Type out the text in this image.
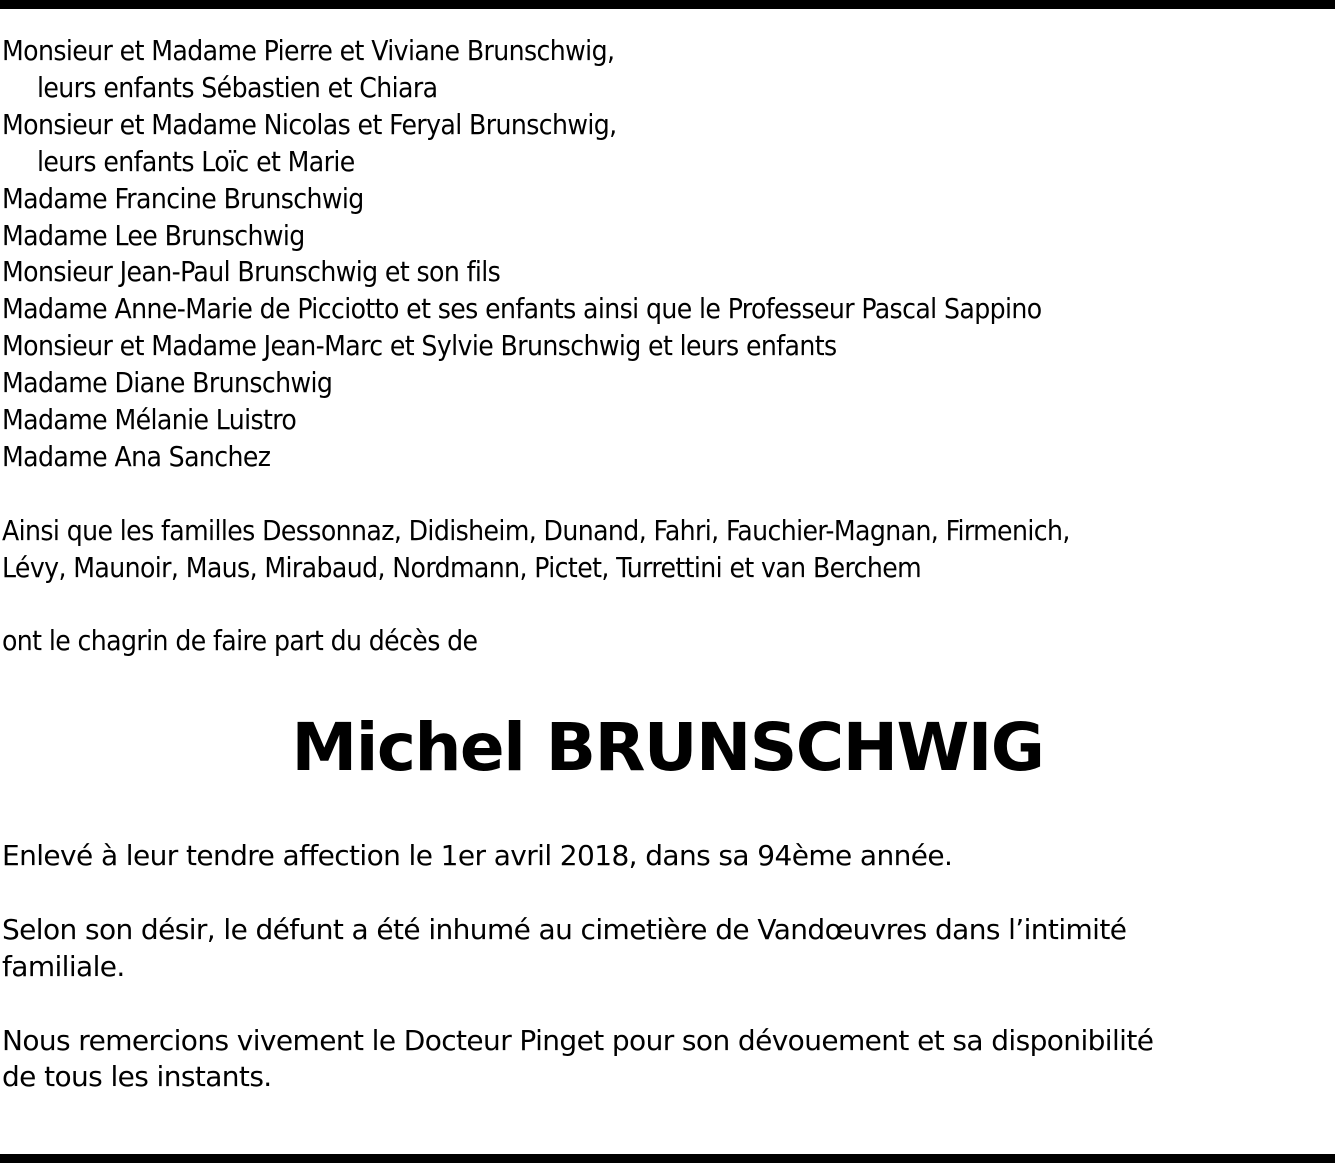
Monsieur et Madame Pierre et Viviane Brunschwig,
leurs enfants Sébastien et Chiara
Monsieur et Madame Nicolas et Feryal Brunschwig,
leurs enfants Loïc et Marie
Madame Francine Brunschwig
Madame Lee Brunschwig
Monsieur Jean-Paul Brunschwig et son fils
Madame Anne-Marie de Picciotto et ses enfants ainsi que le Professeur Pascal Sappino
Monsieur et Madame Jean-Marc et Sylvie Brunschwig et leurs enfants
Madame Diane Brunschwig
Madame Mélanie Luistro
Madame Ana Sanchez
Ainsi que les familles Dessonnaz, Didisheim, Dunand, Fahri, Fauchier-Magnan, Firmenich,
Lévy, Maunoir, Maus, Mirabaud, Nordmann, Pictet, Turrettini et van Berchem
ont le chagrin de faire part du décès de
Michel BRUNSCHWIG
Enlevé à leur tendre affection le 1er avril 2018, dans sa 94ème année.
Selon son désir, le défunt a été inhumé au cimetière de Vandœuvres dans l’intimité
familiale.
Nous remercions vivement le Docteur Pinget pour son dévouement et sa disponibilité
de tous les instants.
